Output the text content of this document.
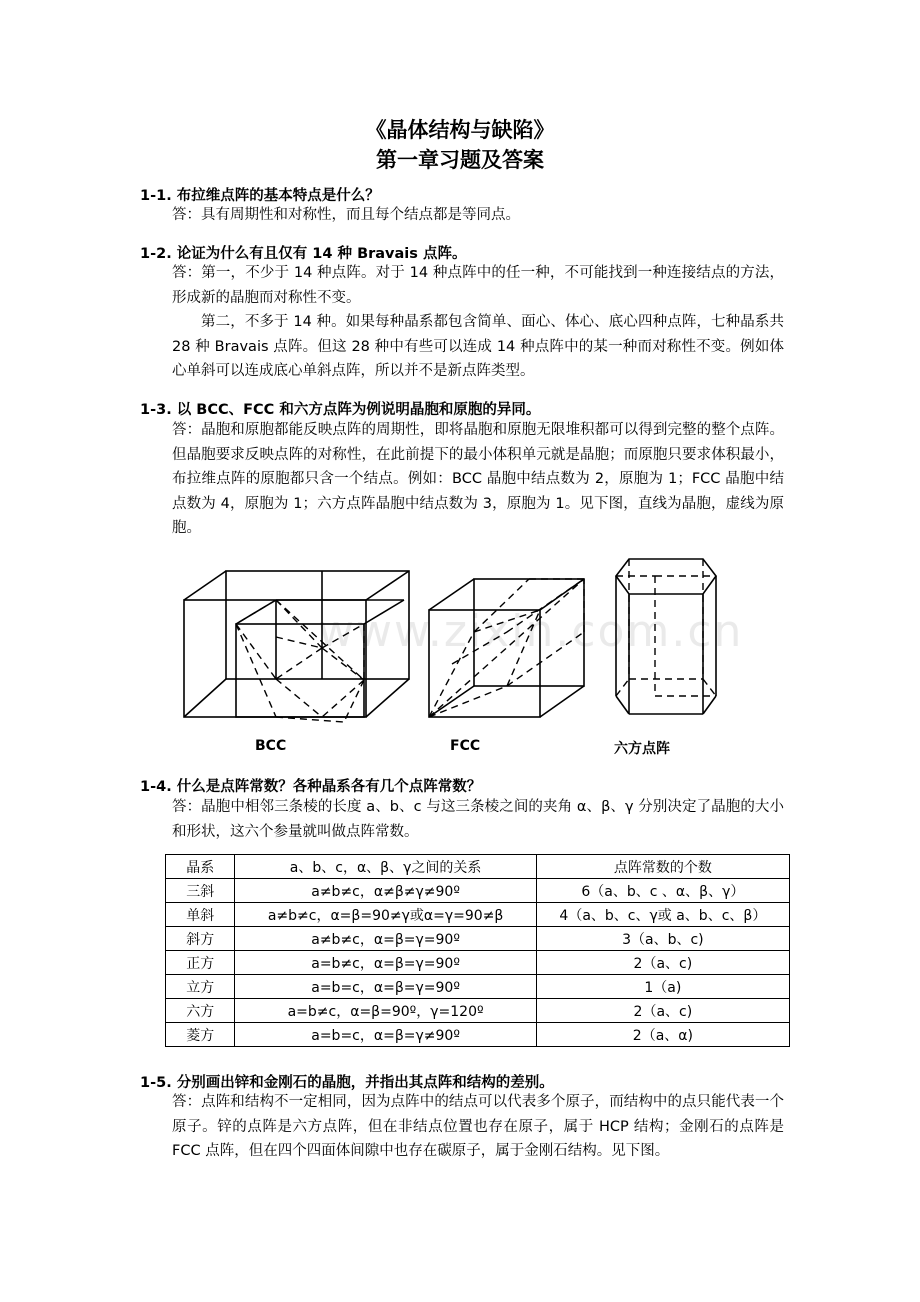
《晶体结构与缺陷》
第一章习题及答案
1-1. 布拉维点阵的基本特点是什么？

答：具有周期性和对称性，而且每个结点都是等同点。

1-2. 论证为什么有且仅有 14 种 Bravais 点阵。

答：第一，不少于 14 种点阵。对于 14 种点阵中的任一种，不可能找到一种连接结点的方法，形成新的晶胞而对称性不变。

第二，不多于 14 种。如果每种晶系都包含简单、面心、体心、底心四种点阵，七种晶系共 28 种 Bravais 点阵。但这 28 种中有些可以连成 14 种点阵中的某一种而对称性不变。例如体心单斜可以连成底心单斜点阵，所以并不是新点阵类型。

1-3. 以 BCC、FCC 和六方点阵为例说明晶胞和原胞的异同。

答：晶胞和原胞都能反映点阵的周期性，即将晶胞和原胞无限堆积都可以得到完整的整个点阵。但晶胞要求反映点阵的对称性，在此前提下的最小体积单元就是晶胞；而原胞只要求体积最小，布拉维点阵的原胞都只含一个结点。例如：BCC 晶胞中结点数为 2，原胞为 1；FCC 晶胞中结点数为 4，原胞为 1；六方点阵晶胞中结点数为 3，原胞为 1。见下图，直线为晶胞，虚线为原胞。

www.zixin.com.cn
BCC	FCC	六方点阵
1-4. 什么是点阵常数？各种晶系各有几个点阵常数？

答：晶胞中相邻三条棱的长度 a、b、c 与这三条棱之间的夹角 α、β、γ 分别决定了晶胞的大小和形状，这六个参量就叫做点阵常数。

晶系	a、b、c，α、β、γ之间的关系	点阵常数的个数
三斜	a≠b≠c，α≠β≠γ≠90º	6（a、b、c 、α、β、γ）
单斜	a≠b≠c，α=β=90≠γ或α=γ=90≠β	4（a、b、c、γ或 a、b、c、β）
斜方	a≠b≠c，α=β=γ=90º	3（a、b、c)
正方	a=b≠c，α=β=γ=90º	2（a、c)
立方	a=b=c，α=β=γ=90º	1（a)
六方	a=b≠c，α=β=90º，γ=120º	2（a、c)
菱方	a=b=c，α=β=γ≠90º	2（a、α)
1-5. 分别画出锌和金刚石的晶胞，并指出其点阵和结构的差别。

答：点阵和结构不一定相同，因为点阵中的结点可以代表多个原子，而结构中的点只能代表一个原子。锌的点阵是六方点阵，但在非结点位置也存在原子，属于 HCP 结构；金刚石的点阵是 FCC 点阵，但在四个四面体间隙中也存在碳原子，属于金刚石结构。见下图。
